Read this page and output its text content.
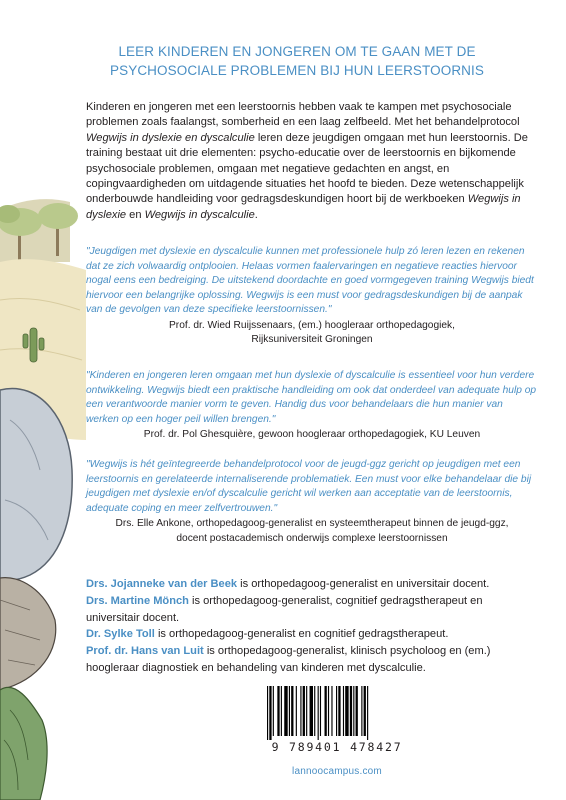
LEER KINDEREN EN JONGEREN OM TE GAAN MET DE
PSYCHOSOCIALE PROBLEMEN BIJ HUN LEERSTOORNIS

Kinderen en jongeren met een leerstoornis hebben vaak te kampen met psychosociale problemen zoals faalangst, somberheid en een laag zelfbeeld. Met het behandelprotocol Wegwijs in dyslexie en dyscalculie leren deze jeugdigen omgaan met hun leerstoornis. De training bestaat uit drie elementen: psycho-educatie over de leerstoornis en bijkomende psychosociale problemen, omgaan met negatieve gedachten en angst, en copingvaardigheden om uitdagende situaties het hoofd te bieden. Deze wetenschappelijk onderbouwde handleiding voor gedragsdeskundigen hoort bij de werkboeken Wegwijs in dyslexie en Wegwijs in dyscalculie.

"Jeugdigen met dyslexie en dyscalculie kunnen met professionele hulp zó leren lezen en rekenen dat ze zich volwaardig ontplooien. Helaas vormen faalervaringen en negatieve reacties hiervoor nogal eens een bedreiging. De uitstekend doordachte en goed vormgegeven training Wegwijs biedt hiervoor een belangrijke oplossing. Wegwijs is een must voor gedragsdeskundigen bij de aanpak van de gevolgen van deze specifieke leerstoornissen."

Prof. dr. Wied Ruijssenaars, (em.) hoogleraar orthopedagogiek,
Rijksuniversiteit Groningen

"Kinderen en jongeren leren omgaan met hun dyslexie of dyscalculie is essentieel voor hun verdere ontwikkeling. Wegwijs biedt een praktische handleiding om ook dat onderdeel van adequate hulp op een verantwoorde manier vorm te geven. Handig dus voor behandelaars die hun manier van werken op een hoger peil willen brengen."

Prof. dr. Pol Ghesquière, gewoon hoogleraar orthopedagogiek, KU Leuven

"Wegwijs is hét geïntegreerde behandelprotocol voor de jeugd-ggz gericht op jeugdigen met een leerstoornis en gerelateerde internaliserende problematiek. Een must voor elke behandelaar die bij jeugdigen met dyslexie en/of dyscalculie gericht wil werken aan acceptatie van de leerstoornis, adequate coping en meer zelfvertrouwen."

Drs. Elle Ankone, orthopedagoog-generalist en systeemtherapeut binnen de jeugd-ggz,
docent postacademisch onderwijs complexe leerstoornissen

Drs. Jojanneke van der Beek is orthopedagoog-generalist en universitair docent.

Drs. Martine Mönch is orthopedagoog-generalist, cognitief gedragstherapeut en universitair docent.

Dr. Sylke Toll is orthopedagoog-generalist en cognitief gedragstherapeut.

Prof. dr. Hans van Luit is orthopedagoog-generalist, klinisch psycholoog en (em.) hoogleraar diagnostiek en behandeling van kinderen met dyscalculie.

9 789401 478427
lannoocampus.com
